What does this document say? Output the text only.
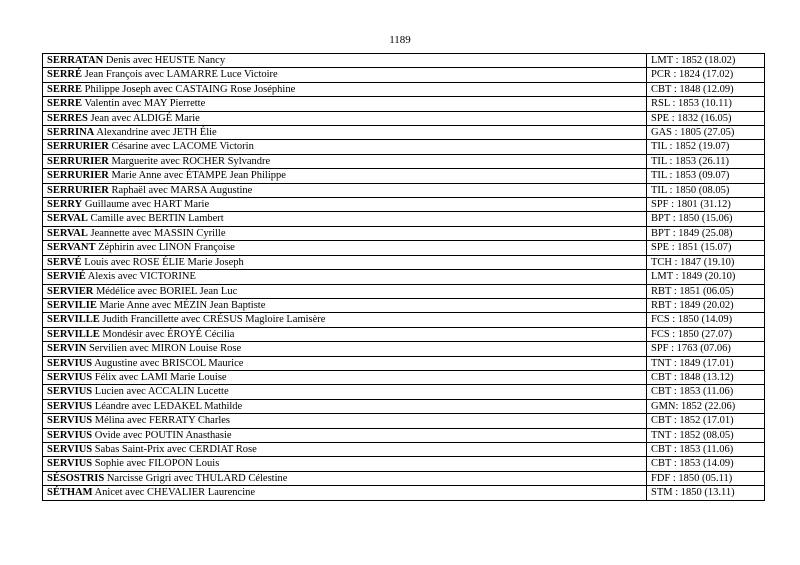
1189
SERRATAN Denis avec HEUSTE Nancy	LMT : 1852 (18.02)
SERRÉ Jean François avec LAMARRE Luce Victoire	PCR : 1824 (17.02)
SERRE Philippe Joseph avec CASTAING Rose Joséphine	CBT : 1848 (12.09)
SERRE Valentin avec MAY Pierrette	RSL : 1853 (10.11)
SERRES Jean avec ALDIGÉ Marie	SPE : 1832 (16.05)
SERRINA Alexandrine avec JETH Élie	GAS : 1805 (27.05)
SERRURIER Césarine avec LACOME Victorin	TIL : 1852 (19.07)
SERRURIER Marguerite avec ROCHER Sylvandre	TIL : 1853 (26.11)
SERRURIER Marie Anne avec ÉTAMPE Jean Philippe	TIL : 1853 (09.07)
SERRURIER Raphaël avec MARSA Augustine	TIL : 1850 (08.05)
SERRY Guillaume avec HART Marie	SPF : 1801 (31.12)
SERVAL Camille avec BERTIN Lambert	BPT : 1850 (15.06)
SERVAL Jeannette avec MASSIN Cyrille	BPT : 1849 (25.08)
SERVANT Zéphirin avec LINON Françoise	SPE : 1851 (15.07)
SERVÉ Louis avec ROSE ÉLIE Marie Joseph	TCH : 1847 (19.10)
SERVIÉ Alexis avec VICTORINE	LMT : 1849 (20.10)
SERVIER Médélice avec BORIEL Jean Luc	RBT : 1851 (06.05)
SERVILIE Marie Anne avec MÉZIN Jean Baptiste	RBT : 1849 (20.02)
SERVILLE Judith Francillette avec CRÉSUS Magloire Lamisère	FCS : 1850 (14.09)
SERVILLE Mondésir avec ÉROYÉ Cécilia	FCS : 1850 (27.07)
SERVIN Servilien avec MIRON Louise Rose	SPF : 1763 (07.06)
SERVIUS Augustine avec BRISCOL Maurice	TNT : 1849 (17.01)
SERVIUS Félix avec LAMI Marie Louise	CBT : 1848 (13.12)
SERVIUS Lucien avec ACCALIN Lucette	CBT : 1853 (11.06)
SERVIUS Léandre avec LEDAKEL Mathilde	GMN: 1852 (22.06)
SERVIUS Mélina avec FERRATY Charles	CBT : 1852 (17.01)
SERVIUS Ovide avec POUTIN Anasthasie	TNT : 1852 (08.05)
SERVIUS Sabas Saint-Prix avec CERDIAT Rose	CBT : 1853 (11.06)
SERVIUS Sophie avec FILOPON Louis	CBT : 1853 (14.09)
SÉSOSTRIS Narcisse Grigri avec THULARD Célestine	FDF : 1850 (05.11)
SÉTHAM Anicet avec CHEVALIER Laurencine	STM : 1850 (13.11)
